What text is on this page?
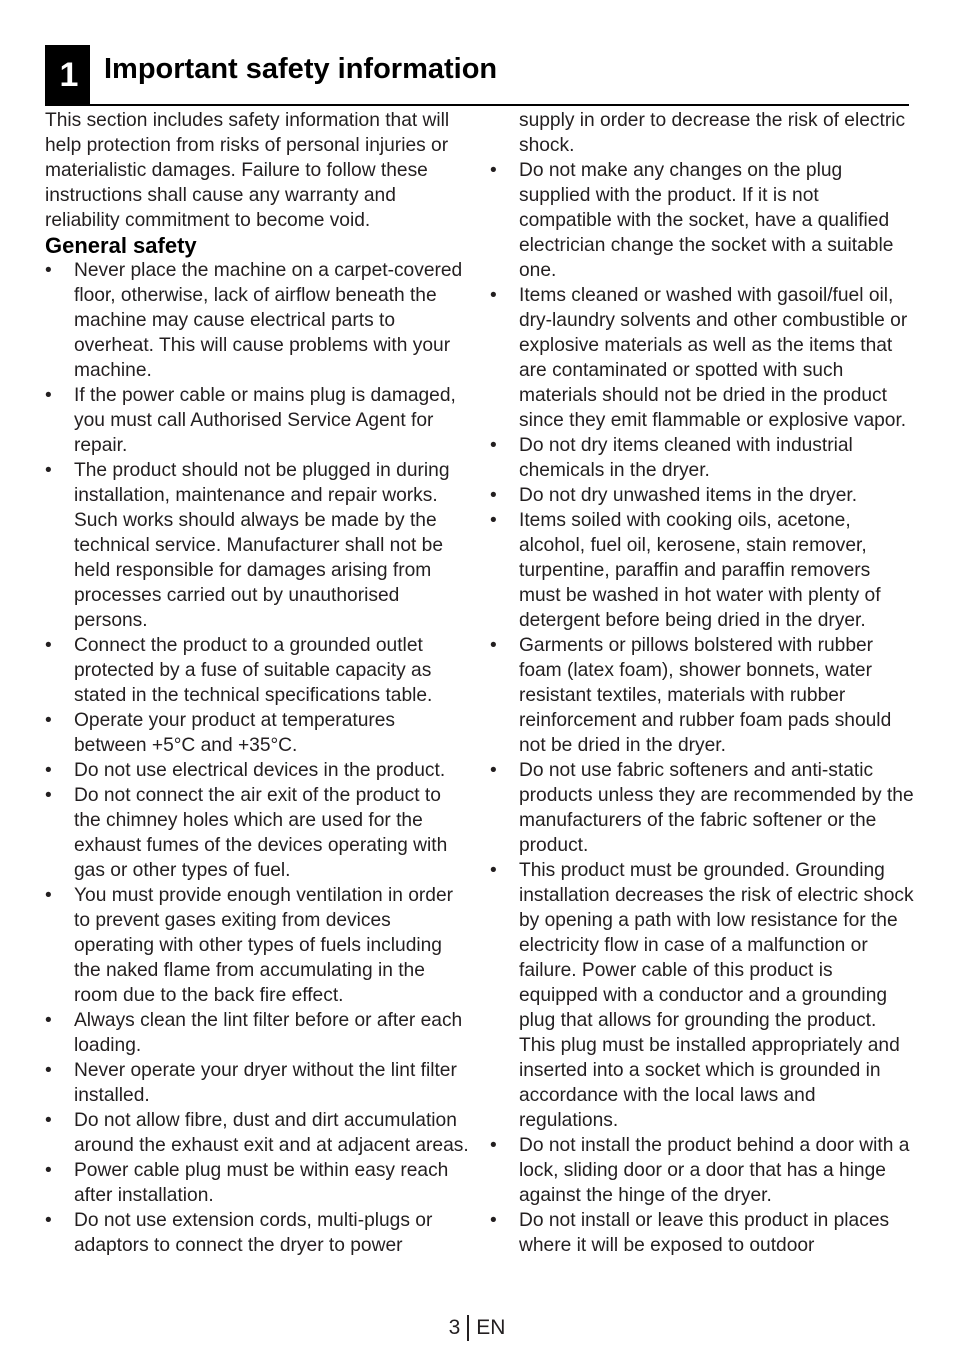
1 Important safety information

This section includes safety information that will help protection from risks of personal injuries or materialistic damages. Failure to follow these instructions shall cause any warranty and reliability commitment to become void.

General safety
• Never place the machine on a carpet-covered floor, otherwise, lack of airflow beneath the machine may cause electrical parts to overheat. This will cause problems with your machine.
• If the power cable or mains plug is damaged, you must call Authorised Service Agent for repair.
• The product should not be plugged in during installation, maintenance and repair works. Such works should always be made by the technical service. Manufacturer shall not be held responsible for damages arising from processes carried out by unauthorised persons.
• Connect the product to a grounded outlet protected by a fuse of suitable capacity as stated in the technical specifications table.
• Operate your product at temperatures between +5°C and +35°C.
• Do not use electrical devices in the product.
• Do not connect the air exit of the product to the chimney holes which are used for the exhaust fumes of the devices operating with gas or other types of fuel.
• You must provide enough ventilation in order to prevent gases exiting from devices operating with other types of fuels including the naked flame from accumulating in the room due to the back fire effect.
• Always clean the lint filter before or after each loading.
• Never operate your dryer without the lint filter installed.
• Do not allow fibre, dust and dirt accumulation around the exhaust exit and at adjacent areas.
• Power cable plug must be within easy reach after installation.
• Do not use extension cords, multi-plugs or adaptors to connect the dryer to power
supply in order to decrease the risk of electric shock.
• Do not make any changes on the plug supplied with the product. If it is not compatible with the socket, have a qualified electrician change the socket with a suitable one.
• Items cleaned or washed with gasoil/fuel oil, dry-laundry solvents and other combustible or explosive materials as well as the items that are contaminated or spotted with such materials should not be dried in the product since they emit flammable or explosive vapor.
• Do not dry items cleaned with industrial chemicals in the dryer.
• Do not dry unwashed items in the dryer.
• Items soiled with cooking oils, acetone, alcohol, fuel oil, kerosene, stain remover, turpentine, paraffin and paraffin removers must be washed in hot water with plenty of detergent before being dried in the dryer.
• Garments or pillows bolstered with rubber foam (latex foam), shower bonnets, water resistant textiles, materials with rubber reinforcement and rubber foam pads should not be dried in the dryer.
• Do not use fabric softeners and anti-static products unless they are recommended by the manufacturers of the fabric softener or the product.
• This product must be grounded. Grounding installation decreases the risk of electric shock by opening a path with low resistance for the electricity flow in case of a malfunction or failure. Power cable of this product is equipped with a conductor and a grounding plug that allows for grounding the product. This plug must be installed appropriately and inserted into a socket which is grounded in accordance with the local laws and regulations.
• Do not install the product behind a door with a lock, sliding door or a door that has a hinge against the hinge of the dryer.
• Do not install or leave this product in places where it will be exposed to outdoor
3 EN
